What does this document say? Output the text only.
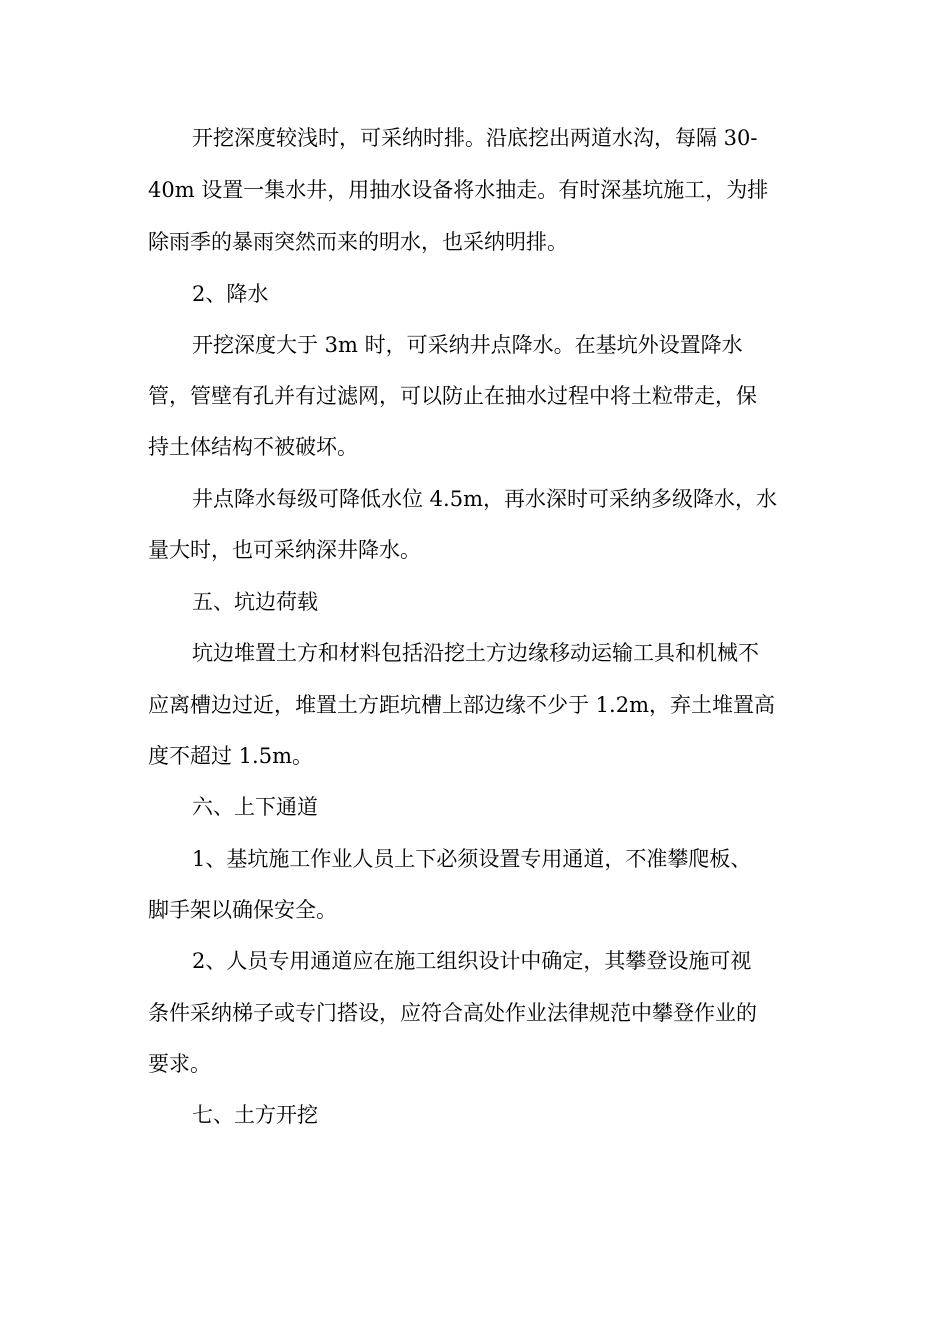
开挖深度较浅时，可采纳时排。沿底挖出两道水沟，每隔 30-
40m 设置一集水井，用抽水设备将水抽走。有时深基坑施工，为排
除雨季的暴雨突然而来的明水，也采纳明排。
2、降水
开挖深度大于 3m 时，可采纳井点降水。在基坑外设置降水
管，管壁有孔并有过滤网，可以防止在抽水过程中将土粒带走，保
持土体结构不被破坏。
井点降水每级可降低水位 4.5m，再水深时可采纳多级降水，水
量大时，也可采纳深井降水。
五、坑边荷载
坑边堆置土方和材料包括沿挖土方边缘移动运输工具和机械不
应离槽边过近，堆置土方距坑槽上部边缘不少于 1.2m，弃土堆置高
度不超过 1.5m。
六、上下通道
1、基坑施工作业人员上下必须设置专用通道，不准攀爬板、
脚手架以确保安全。
2、人员专用通道应在施工组织设计中确定，其攀登设施可视
条件采纳梯子或专门搭设，应符合高处作业法律规范中攀登作业的
要求。
七、土方开挖
